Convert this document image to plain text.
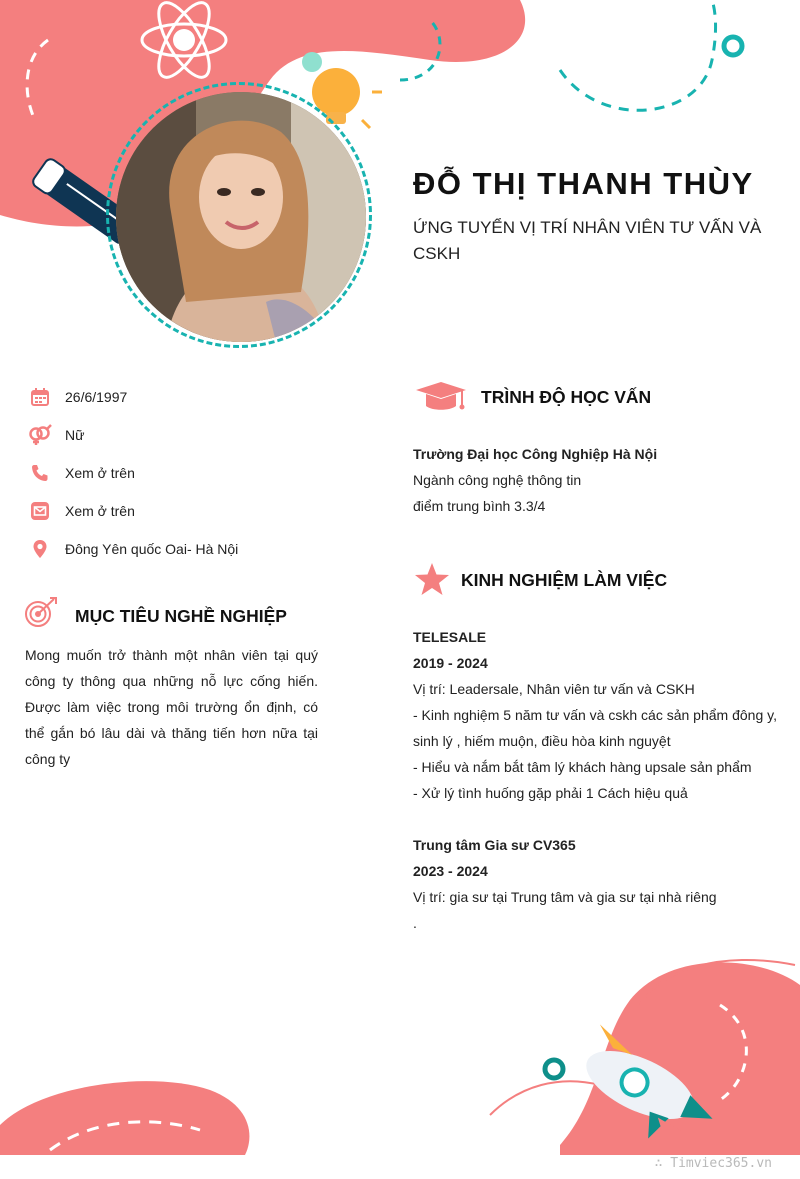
ĐỖ THỊ THANH THÙY
ỨNG TUYỂN VỊ TRÍ NHÂN VIÊN TƯ VẤN VÀ CSKH
26/6/1997
Nữ
Xem ở trên
Xem ở trên
Đông Yên quốc Oai- Hà Nội
MỤC TIÊU NGHỀ NGHIỆP
Mong muốn trở thành một nhân viên tại quý công ty thông qua những nỗ lực cống hiến. Được làm việc trong môi trường ổn định, có thể gắn bó lâu dài và thăng tiến hơn nữa tại công ty
TRÌNH ĐỘ HỌC VẤN

Trường Đại học Công Nghiệp Hà Nội

Ngành công nghệ thông tin

điểm trung bình 3.3/4

KINH NGHIỆM LÀM VIỆC

TELESALE

2019 - 2024

Vị trí: Leadersale, Nhân viên tư vấn và CSKH

- Kinh nghiệm 5 năm tư vấn và cskh các sản phẩm đông y, sinh lý , hiếm muộn, điều hòa kinh nguyệt

- Hiểu và nắm bắt tâm lý khách hàng upsale sản phẩm

- Xử lý tình huống gặp phải 1 Cách hiệu quả

Trung tâm Gia sư CV365

2023 - 2024

Vị trí: gia sư tại Trung tâm và gia sư tại nhà riêng

.

∴ Timviec365.vn
